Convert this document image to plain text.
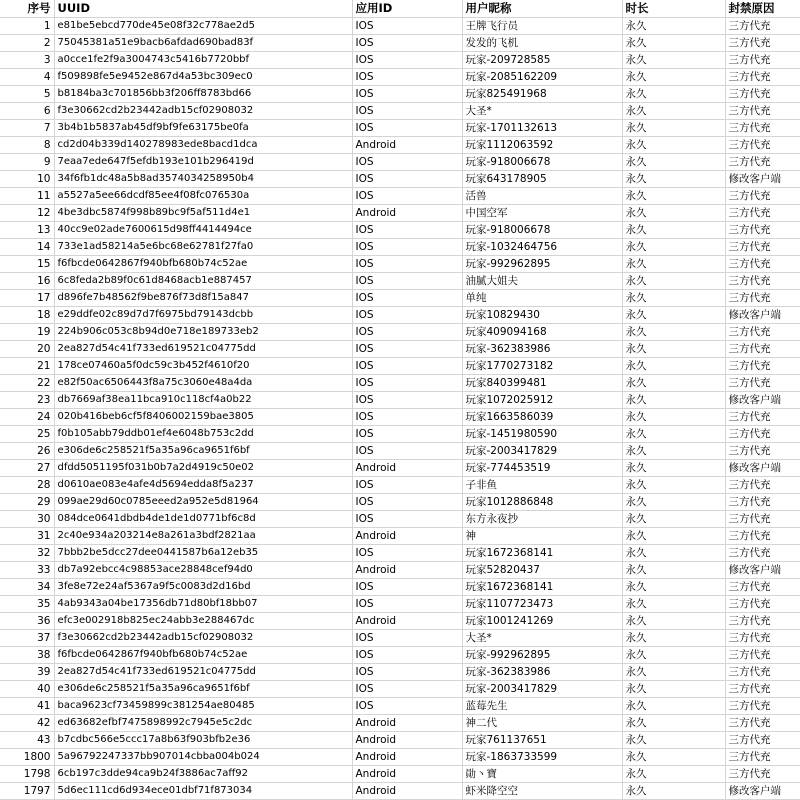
序号	UUID	应用ID	用户昵称	时长	封禁原因
1	e81be5ebcd770de45e08f32c778ae2d5	IOS	王牌飞行员	永久	三方代充
2	75045381a51e9bacb6afdad690bad83f	IOS	发发的飞机	永久	三方代充
3	a0cce1fe2f9a3004743c5416b7720bbf	IOS	玩家-209728585	永久	三方代充
4	f509898fe5e9452e867d4a53bc309ec0	IOS	玩家-2085162209	永久	三方代充
5	b8184ba3c701856bb3f206ff8783bd66	IOS	玩家825491968	永久	三方代充
6	f3e30662cd2b23442adb15cf02908032	IOS	大圣*	永久	三方代充
7	3b4b1b5837ab45df9bf9fe63175be0fa	IOS	玩家-1701132613	永久	三方代充
8	cd2d04b339d140278983ede8bacd1dca	Android	玩家1112063592	永久	三方代充
9	7eaa7ede647f5efdb193e101b296419d	IOS	玩家-918006678	永久	三方代充
10	34f6fb1dc48a5b8ad3574034258950b4	IOS	玩家643178905	永久	修改客户端
11	a5527a5ee66dcdf85ee4f08fc076530a	IOS	活兽	永久	三方代充
12	4be3dbc5874f998b89bc9f5af511d4e1	Android	中国空军	永久	三方代充
13	40cc9e02ade7600615d98ff4414494ce	IOS	玩家-918006678	永久	三方代充
14	733e1ad58214a5e6bc68e62781f27fa0	IOS	玩家-1032464756	永久	三方代充
15	f6fbcde0642867f940bfb680b74c52ae	IOS	玩家-992962895	永久	三方代充
16	6c8feda2b89f0c61d8468acb1e887457	IOS	油腻大姐夫	永久	三方代充
17	d896fe7b48562f9be876f73d8f15a847	IOS	单纯	永久	三方代充
18	e29ddfe02c89d7d7f6975bd79143dcbb	IOS	玩家10829430	永久	修改客户端
19	224b906c053c8b94d0e718e189733eb2	IOS	玩家409094168	永久	三方代充
20	2ea827d54c41f733ed619521c04775dd	IOS	玩家-362383986	永久	三方代充
21	178ce07460a5f0dc59c3b452f4610f20	IOS	玩家1770273182	永久	三方代充
22	e82f50ac6506443f8a75c3060e48a4da	IOS	玩家840399481	永久	三方代充
23	db7669af38ea11bca910c118cf4a0b22	IOS	玩家1072025912	永久	修改客户端
24	020b416beb6cf5f8406002159bae3805	IOS	玩家1663586039	永久	三方代充
25	f0b105abb79ddb01ef4e6048b753c2dd	IOS	玩家-1451980590	永久	三方代充
26	e306de6c258521f5a35a96ca9651f6bf	IOS	玩家-2003417829	永久	三方代充
27	dfdd5051195f031b0b7a2d4919c50e02	Android	玩家-774453519	永久	修改客户端
28	d0610ae083e4afe4d5694edda8f5a237	IOS	子非鱼	永久	三方代充
29	099ae29d60c0785eeed2a952e5d81964	IOS	玩家1012886848	永久	三方代充
30	084dce0641dbdb4de1de1d0771bf6c8d	IOS	东方永夜抄	永久	三方代充
31	2c40e934a203214e8a261a3bdf2821aa	Android	神	永久	三方代充
32	7bbb2be5dcc27dee0441587b6a12eb35	IOS	玩家1672368141	永久	三方代充
33	db7a92ebcc4c98853ace28848cef94d0	Android	玩家52820437	永久	修改客户端
34	3fe8e72e24af5367a9f5c0083d2d16bd	IOS	玩家1672368141	永久	三方代充
35	4ab9343a04be17356db71d80bf18bb07	IOS	玩家1107723473	永久	三方代充
36	efc3e002918b825ec24abb3e288467dc	Android	玩家1001241269	永久	三方代充
37	f3e30662cd2b23442adb15cf02908032	IOS	大圣*	永久	三方代充
38	f6fbcde0642867f940bfb680b74c52ae	IOS	玩家-992962895	永久	三方代充
39	2ea827d54c41f733ed619521c04775dd	IOS	玩家-362383986	永久	三方代充
40	e306de6c258521f5a35a96ca9651f6bf	IOS	玩家-2003417829	永久	三方代充
41	baca9623cf73459899c381254ae80485	IOS	蓝莓先生	永久	三方代充
42	ed63682efbf7475898992c7945e5c2dc	Android	神二代	永久	三方代充
43	b7cdbc566e5ccc17a8b63f903bfb2e36	Android	玩家761137651	永久	三方代充
1800	5a96792247337bb907014cbba004b024	Android	玩家-1863733599	永久	三方代充
1798	6cb197c3dde94ca9b24f3886ac7aff92	Android	勛丶寶	永久	三方代充
1797	5d6ec111cd6d934ece01dbf71f873034	Android	虾米降空空	永久	修改客户端
